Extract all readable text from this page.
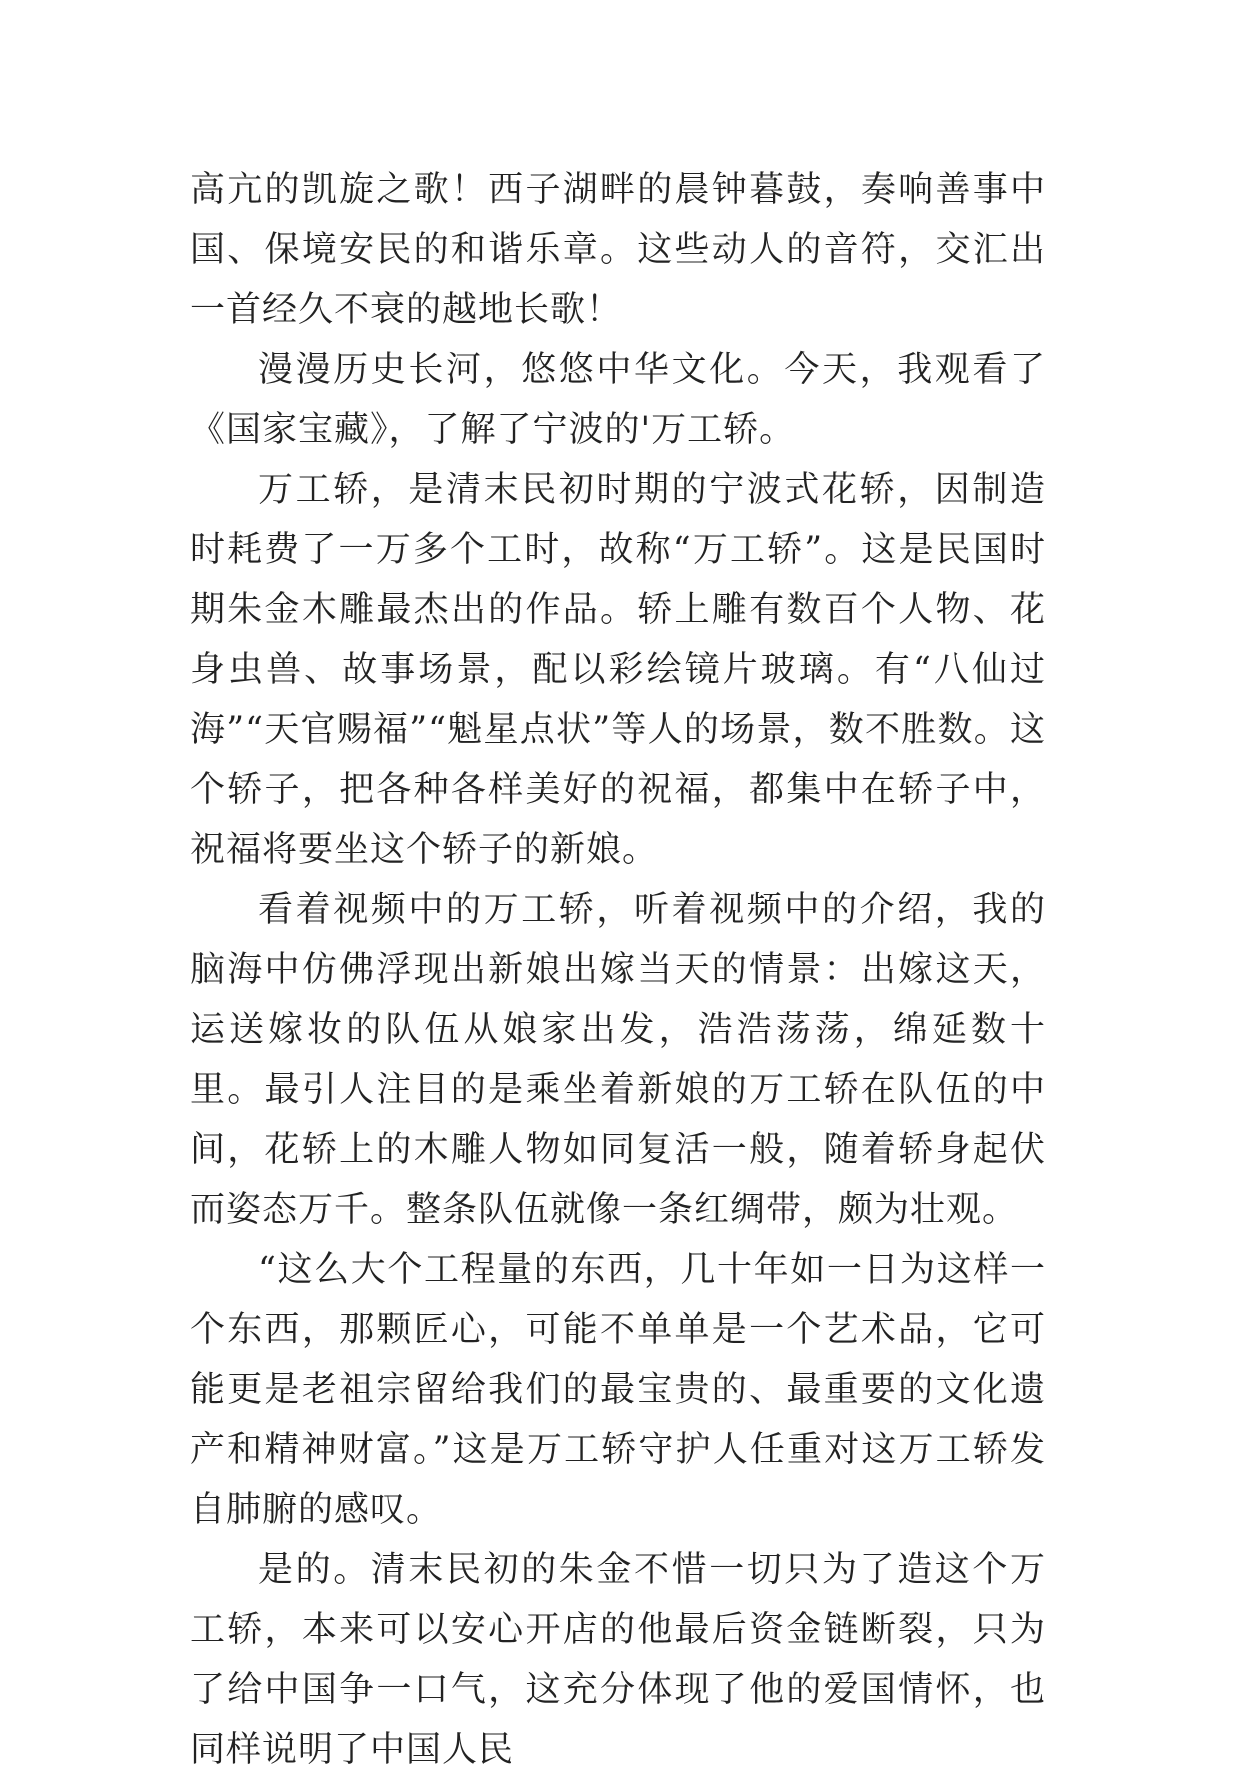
高亢的凯旋之歌！西子湖畔的晨钟暮鼓，奏响善事中国、保境安民的和谐乐章。这些动人的音符，交汇出一首经久不衰的越地长歌！

漫漫历史长河，悠悠中华文化。今天，我观看了《国家宝藏》，了解了宁波的'万工轿。

万工轿，是清末民初时期的宁波式花轿，因制造时耗费了一万多个工时，故称“万工轿”。这是民国时期朱金木雕最杰出的作品。轿上雕有数百个人物、花身虫兽、故事场景，配以彩绘镜片玻璃。有“八仙过海”“天官赐福”“魁星点状”等人的场景，数不胜数。这个轿子，把各种各样美好的祝福，都集中在轿子中，祝福将要坐这个轿子的新娘。

看着视频中的万工轿，听着视频中的介绍，我的脑海中仿佛浮现出新娘出嫁当天的情景：出嫁这天，运送嫁妆的队伍从娘家出发，浩浩荡荡，绵延数十里。最引人注目的是乘坐着新娘的万工轿在队伍的中间，花轿上的木雕人物如同复活一般，随着轿身起伏而姿态万千。整条队伍就像一条红绸带，颇为壮观。

“这么大个工程量的东西，几十年如一日为这样一个东西，那颗匠心，可能不单单是一个艺术品，它可能更是老祖宗留给我们的最宝贵的、最重要的文化遗产和精神财富。”这是万工轿守护人任重对这万工轿发自肺腑的感叹。

是的。清末民初的朱金不惜一切只为了造这个万工轿，本来可以安心开店的他最后资金链断裂，只为了给中国争一口气，这充分体现了他的爱国情怀，也同样说明了中国人民
